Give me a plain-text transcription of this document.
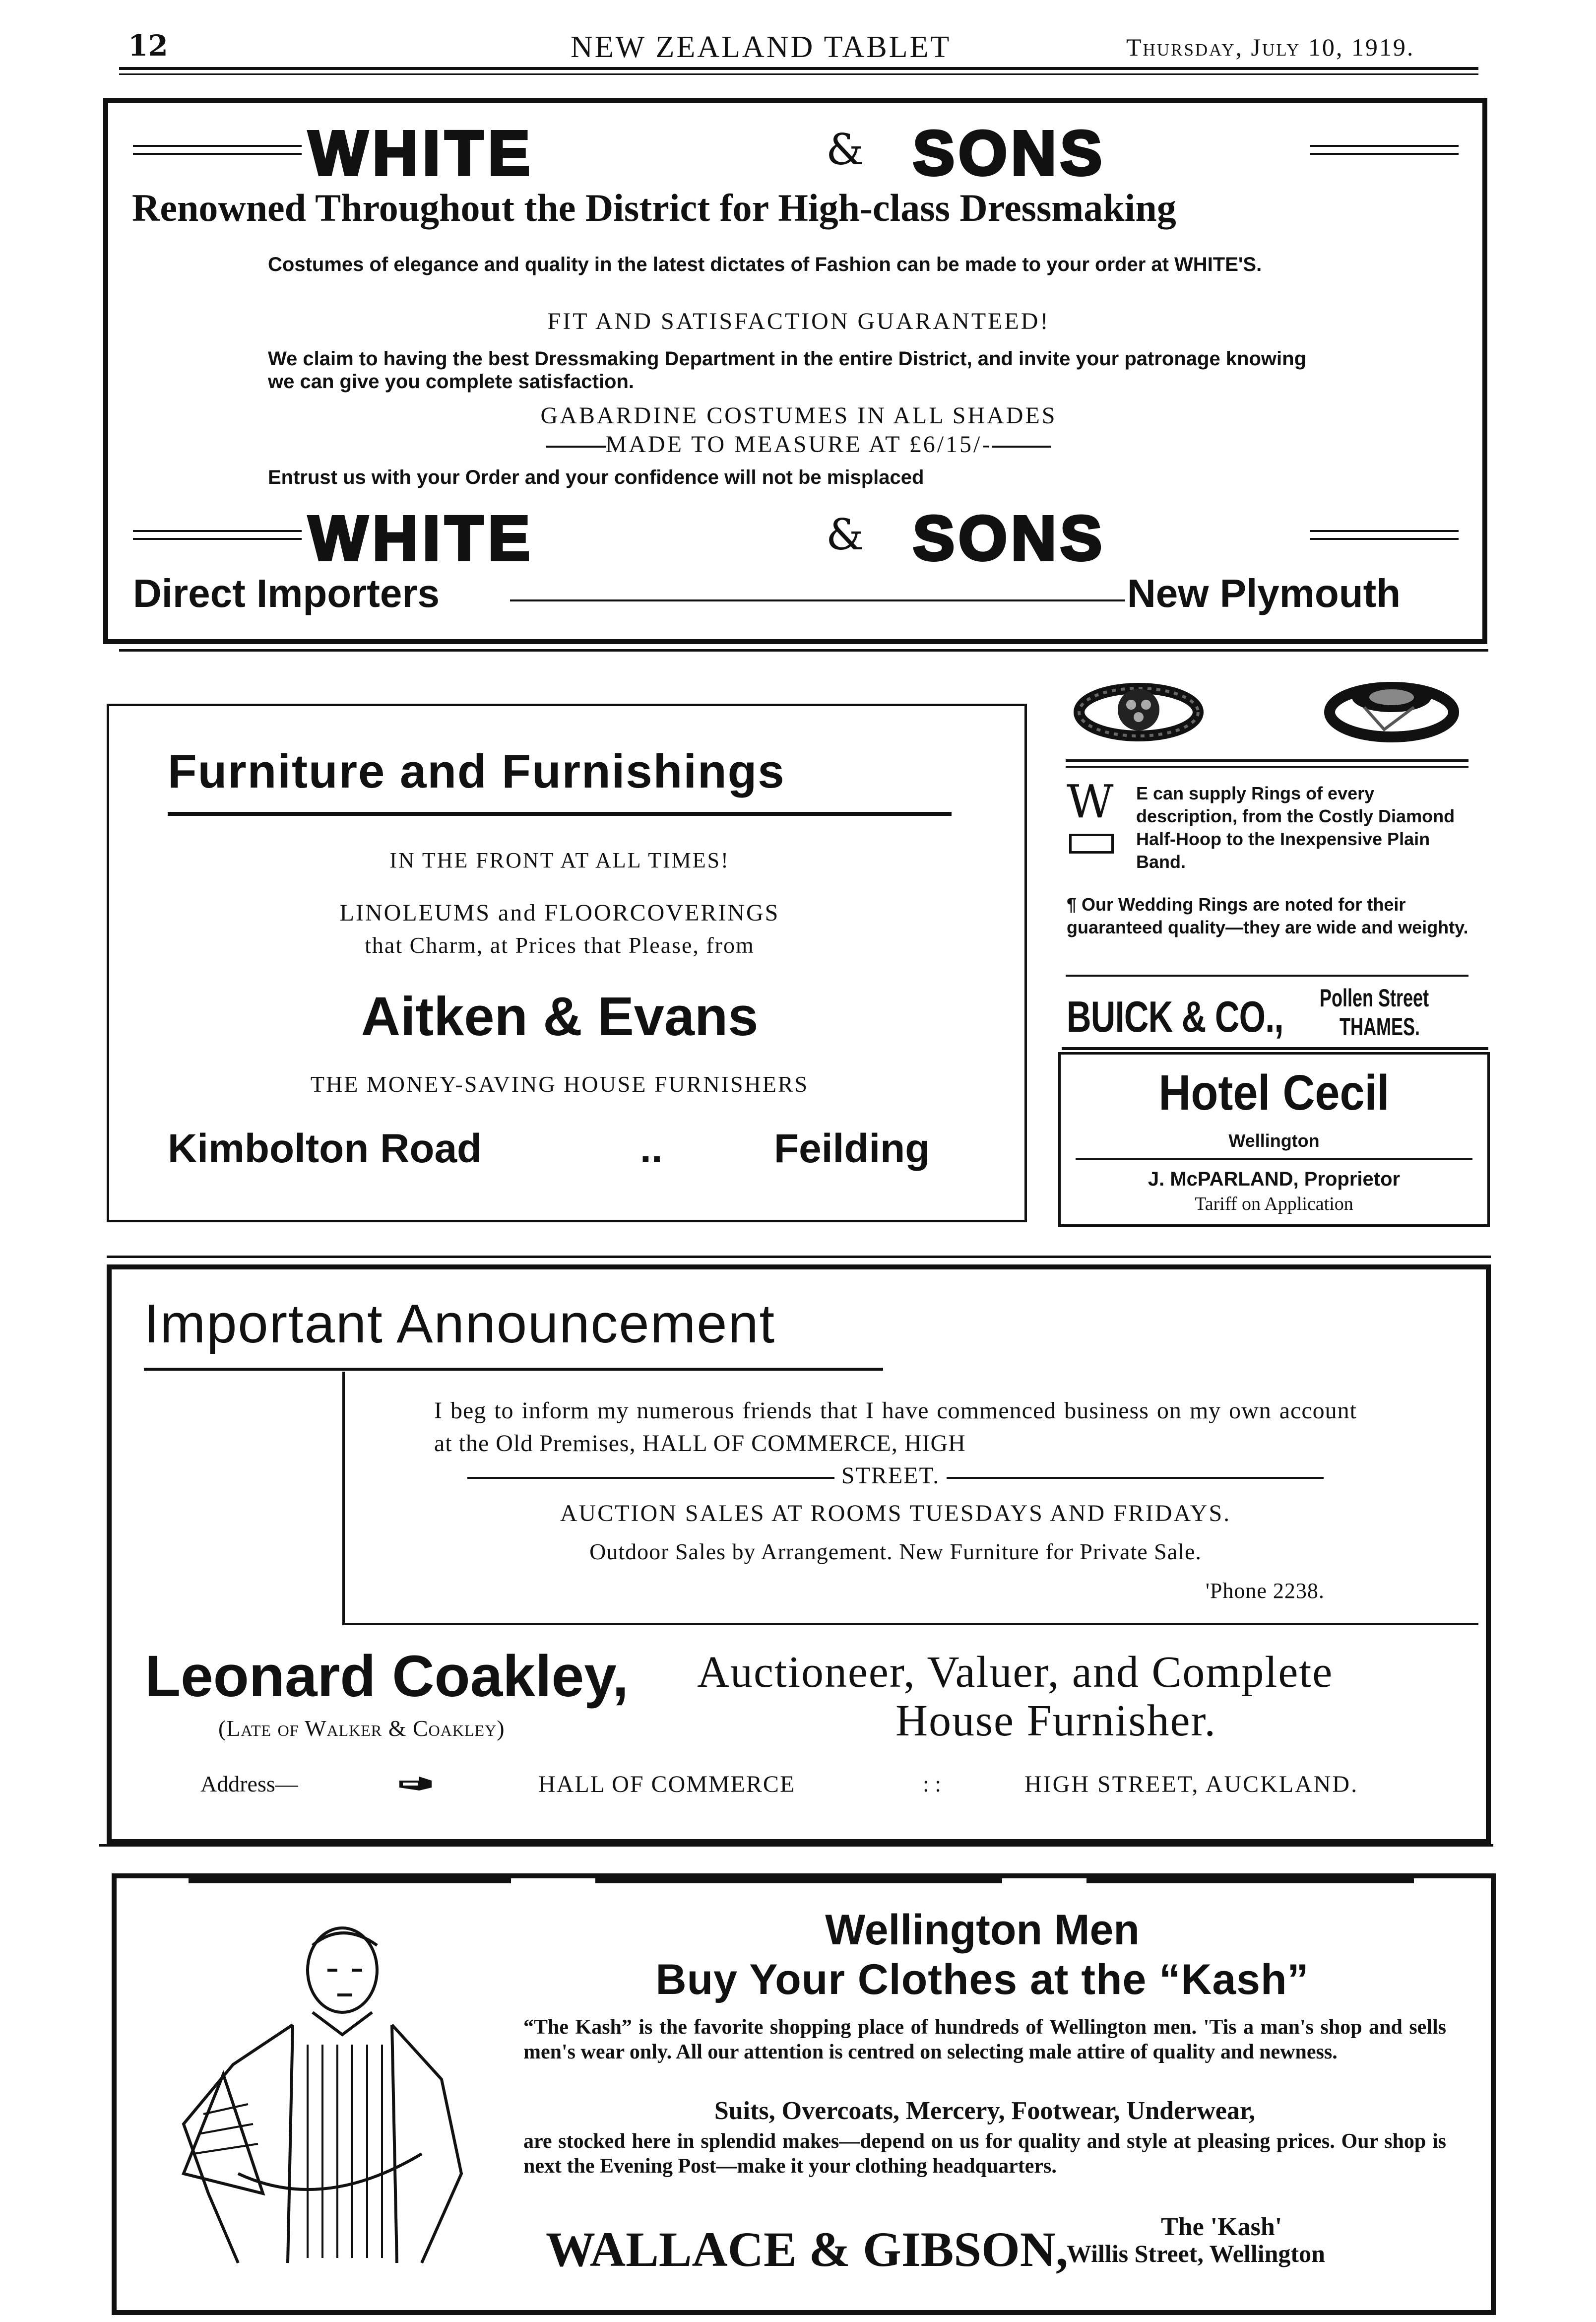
12	NEW ZEALAND TABLET	Thursday, July 10, 1919.
WHITE	& SONS
Renowned Throughout the District for High-class Dressmaking
Costumes of elegance and quality in the latest dictates of Fashion can be made to your order at WHITE'S.
FIT AND SATISFACTION GUARANTEED!
We claim to having the best Dressmaking Department in the entire District, and invite your patronage knowing we can give you complete satisfaction.
GABARDINE COSTUMES IN ALL SHADES
MADE TO MEASURE AT £6/15/-
Entrust us with your Order and your confidence will not be misplaced
WHITE	& SONS
Direct Importers	New Plymouth
Furniture and Furnishings
IN THE FRONT AT ALL TIMES!
LINOLEUMS and FLOORCOVERINGS
that Charm, at Prices that Please, from
Aitken & Evans
THE MONEY-SAVING HOUSE FURNISHERS
Kimbolton Road	..	Feilding
W E can supply Rings of every description, from the Costly Diamond Half-Hoop to the Inexpensive Plain Band.
¶ Our Wedding Rings are noted for their guaranteed quality—they are wide and weighty.
BUICK & CO., Pollen Street
THAMES.
Hotel Cecil
Wellington
J. McPARLAND, Proprietor
Tariff on Application
Important Announcement
I beg to inform my numerous friends that I have commenced business on my own account at the Old Premises, HALL OF COMMERCE, HIGH
STREET.
AUCTION SALES AT ROOMS TUESDAYS AND FRIDAYS.
Outdoor Sales by Arrangement. New Furniture for Private Sale.
'Phone 2238.
Leonard Coakley,
(Late of Walker & Coakley)
Auctioneer, Valuer, and Complete
House Furnisher.
Address—	HALL OF COMMERCE	: :	HIGH STREET, AUCKLAND.
Wellington Men
Buy Your Clothes at the “Kash”
“The Kash” is the favorite shopping place of hundreds of Wellington men. 'Tis a man's shop and sells men's wear only. All our attention is centred on selecting male attire of quality and newness.
Suits, Overcoats, Mercery, Footwear, Underwear,
are stocked here in splendid makes—depend on us for quality and style at pleasing prices. Our shop is next the Evening Post—make it your clothing headquarters.
WALLACE & GIBSON,	The 'Kash'
Willis Street, Wellington
